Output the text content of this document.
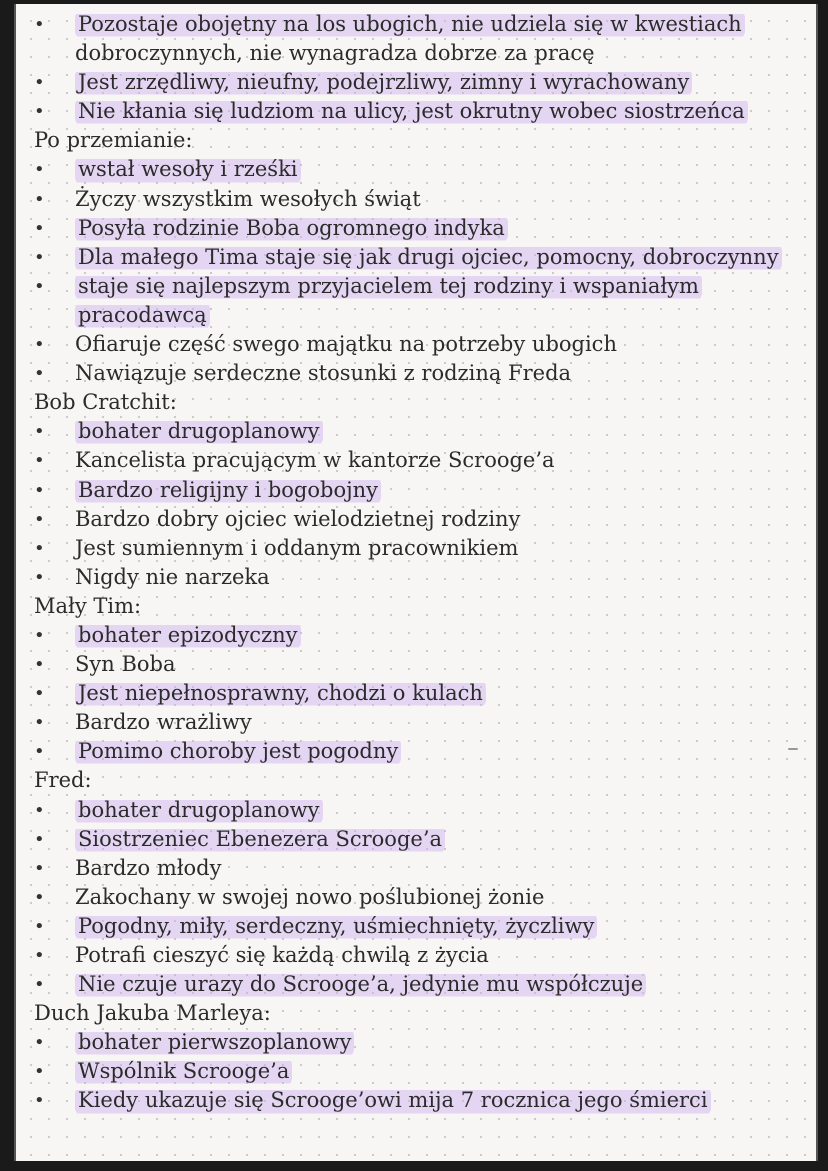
• Pozostaje obojętny na los ubogich, nie udziela się w kwestiach
dobroczynnych, nie wynagradza dobrze za pracę
• Jest zrzędliwy, nieufny, podejrzliwy, zimny i wyrachowany
• Nie kłania się ludziom na ulicy, jest okrutny wobec siostrzeńca
Po przemianie:
• wstał wesoły i rześki
• Życzy wszystkim wesołych świąt
• Posyła rodzinie Boba ogromnego indyka
• Dla małego Tima staje się jak drugi ojciec, pomocny, dobroczynny
• staje się najlepszym przyjacielem tej rodziny i wspaniałym
pracodawcą
• Ofiaruje część swego majątku na potrzeby ubogich
• Nawiązuje serdeczne stosunki z rodziną Freda
Bob Cratchit:
• bohater drugoplanowy
• Kancelista pracującym w kantorze Scrooge’a
• Bardzo religijny i bogobojny
• Bardzo dobry ojciec wielodzietnej rodziny
• Jest sumiennym i oddanym pracownikiem
• Nigdy nie narzeka
Mały Tim:
• bohater epizodyczny
• Syn Boba
• Jest niepełnosprawny, chodzi o kulach
• Bardzo wrażliwy
• Pomimo choroby jest pogodny
Fred:
• bohater drugoplanowy
• Siostrzeniec Ebenezera Scrooge’a
• Bardzo młody
• Zakochany w swojej nowo poślubionej żonie
• Pogodny, miły, serdeczny, uśmiechnięty, życzliwy
• Potrafi cieszyć się każdą chwilą z życia
• Nie czuje urazy do Scrooge’a, jedynie mu współczuje
Duch Jakuba Marleya:
• bohater pierwszoplanowy
• Wspólnik Scrooge’a
• Kiedy ukazuje się Scrooge’owi mija 7 rocznica jego śmierci
